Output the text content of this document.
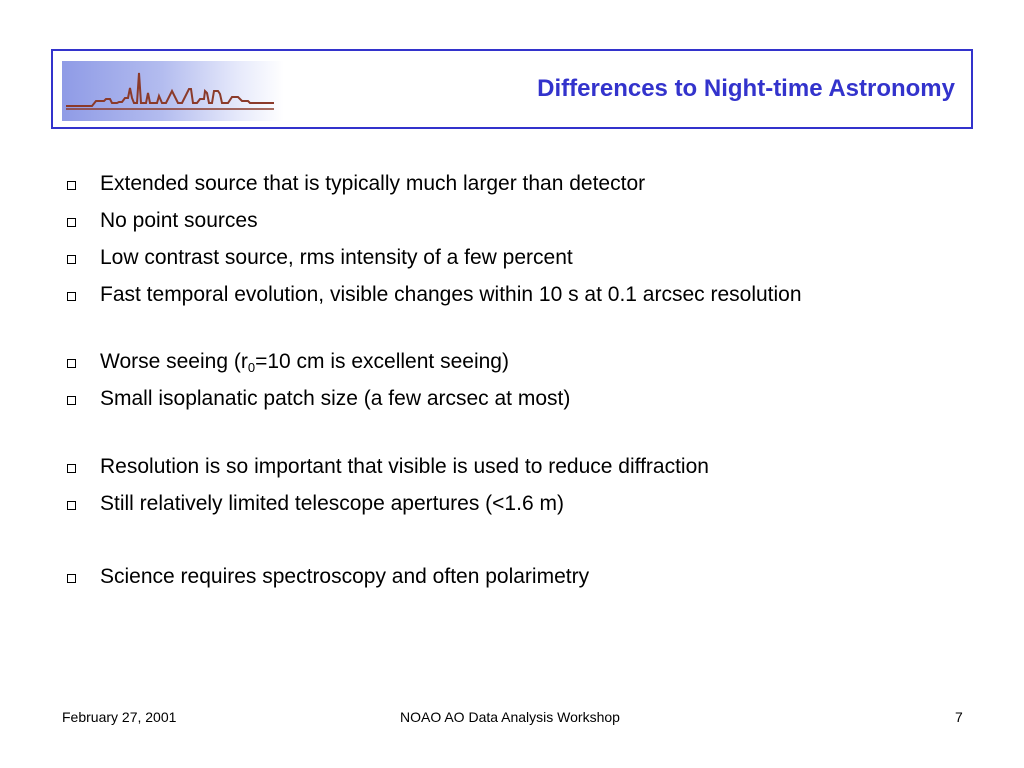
Differences to Night-time Astronomy
Extended source that is typically much larger than detector
No point sources
Low contrast source, rms intensity of a few percent
Fast temporal evolution, visible changes within 10 s at 0.1 arcsec resolution
Worse seeing ($r_0=10$ cm is excellent seeing)
Small isoplanatic patch size (a few arcsec at most)
Resolution is so important that visible is used to reduce diffraction
Still relatively limited telescope apertures (<1.6 m)
Science requires spectroscopy and often polarimetry
February 27, 2001	NOAO AO Data Analysis Workshop	7
